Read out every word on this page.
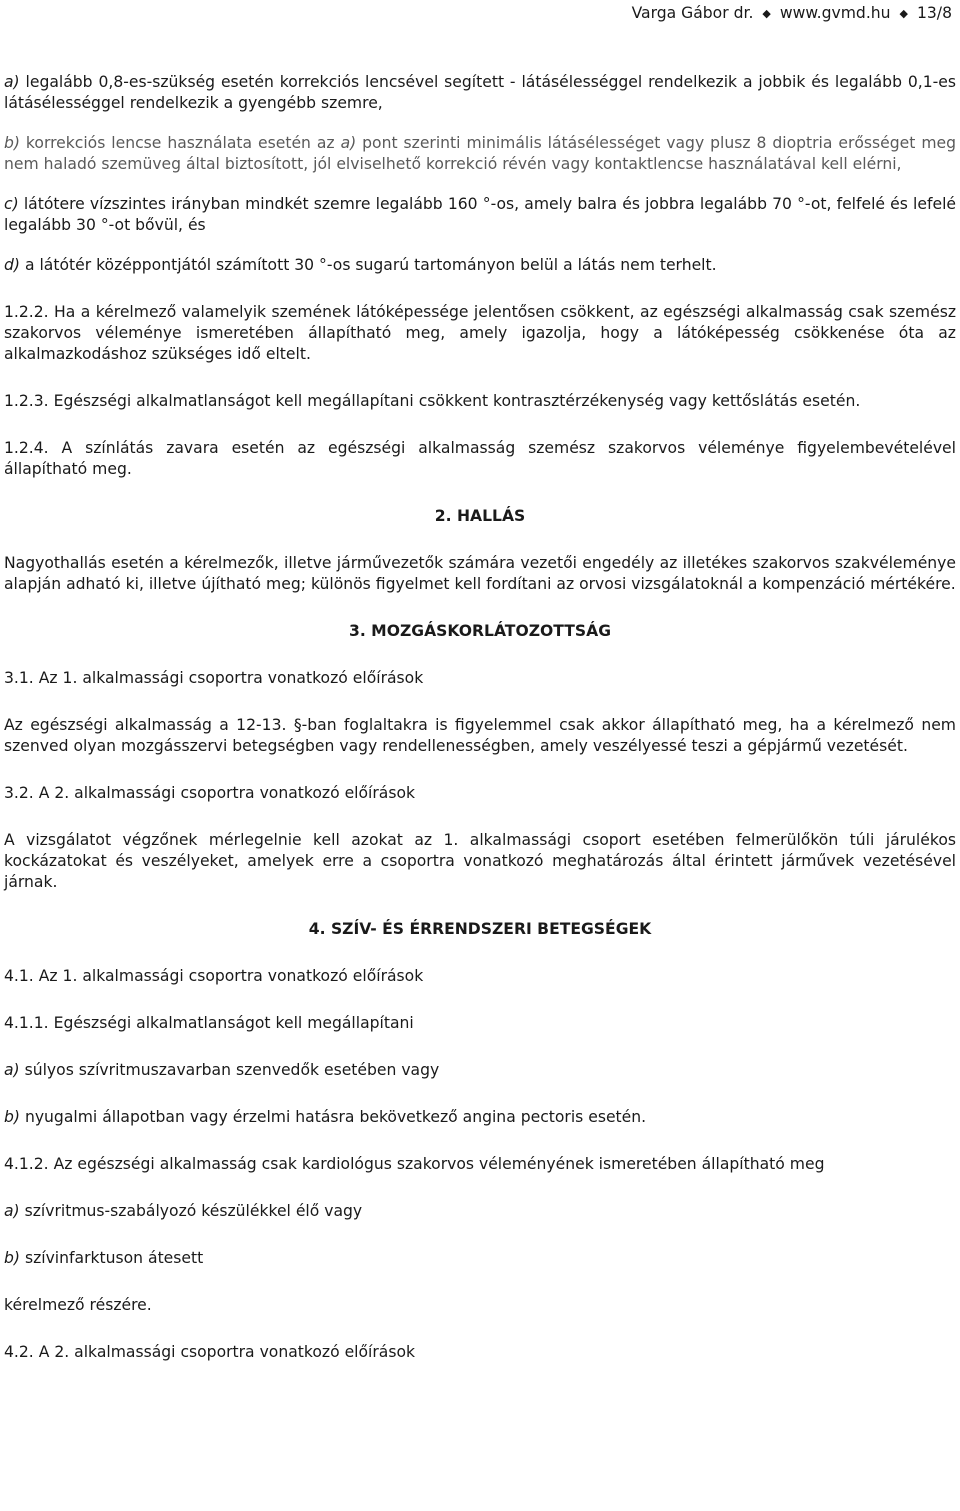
Varga Gábor dr. ◆ www.gvmd.hu ◆ 13/8

a) legalább 0,8-es-szükség esetén korrekciós lencsével segített - látásélességgel rendelkezik a jobbik és legalább 0,1-es látásélességgel rendelkezik a gyengébb szemre,

b) korrekciós lencse használata esetén az a) pont szerinti minimális látásélességet vagy plusz 8 dioptria erősséget meg nem haladó szemüveg által biztosított, jól elviselhető korrekció révén vagy kontaktlencse használatával kell elérni,

c) látótere vízszintes irányban mindkét szemre legalább 160 °-os, amely balra és jobbra legalább 70 °-ot, felfelé és lefelé legalább 30 °-ot bővül, és

d) a látótér középpontjától számított 30 °-os sugarú tartományon belül a látás nem terhelt.

1.2.2. Ha a kérelmező valamelyik szemének látóképessége jelentősen csökkent, az egészségi alkalmasság csak szemész szakorvos véleménye ismeretében állapítható meg, amely igazolja, hogy a látóképesség csökkenése óta az alkalmazkodáshoz szükséges idő eltelt.

1.2.3. Egészségi alkalmatlanságot kell megállapítani csökkent kontrasztérzékenység vagy kettőslátás esetén.

1.2.4. A színlátás zavara esetén az egészségi alkalmasság szemész szakorvos véleménye figyelembevételével állapítható meg.

2. HALLÁS

Nagyothallás esetén a kérelmezők, illetve járművezetők számára vezetői engedély az illetékes szakorvos szakvéleménye alapján adható ki, illetve újítható meg; különös figyelmet kell fordítani az orvosi vizsgálatoknál a kompenzáció mértékére.

3. MOZGÁSKORLÁTOZOTTSÁG

3.1. Az 1. alkalmassági csoportra vonatkozó előírások

Az egészségi alkalmasság a 12-13. §-ban foglaltakra is figyelemmel csak akkor állapítható meg, ha a kérelmező nem szenved olyan mozgásszervi betegségben vagy rendellenességben, amely veszélyessé teszi a gépjármű vezetését.

3.2. A 2. alkalmassági csoportra vonatkozó előírások

A vizsgálatot végzőnek mérlegelnie kell azokat az 1. alkalmassági csoport esetében felmerülőkön túli járulékos kockázatokat és veszélyeket, amelyek erre a csoportra vonatkozó meghatározás által érintett járművek vezetésével járnak.

4. SZÍV- ÉS ÉRRENDSZERI BETEGSÉGEK

4.1. Az 1. alkalmassági csoportra vonatkozó előírások

4.1.1. Egészségi alkalmatlanságot kell megállapítani

a) súlyos szívritmuszavarban szenvedők esetében vagy

b) nyugalmi állapotban vagy érzelmi hatásra bekövetkező angina pectoris esetén.

4.1.2. Az egészségi alkalmasság csak kardiológus szakorvos véleményének ismeretében állapítható meg

a) szívritmus-szabályozó készülékkel élő vagy

b) szívinfarktuson átesett

kérelmező részére.

4.2. A 2. alkalmassági csoportra vonatkozó előírások
